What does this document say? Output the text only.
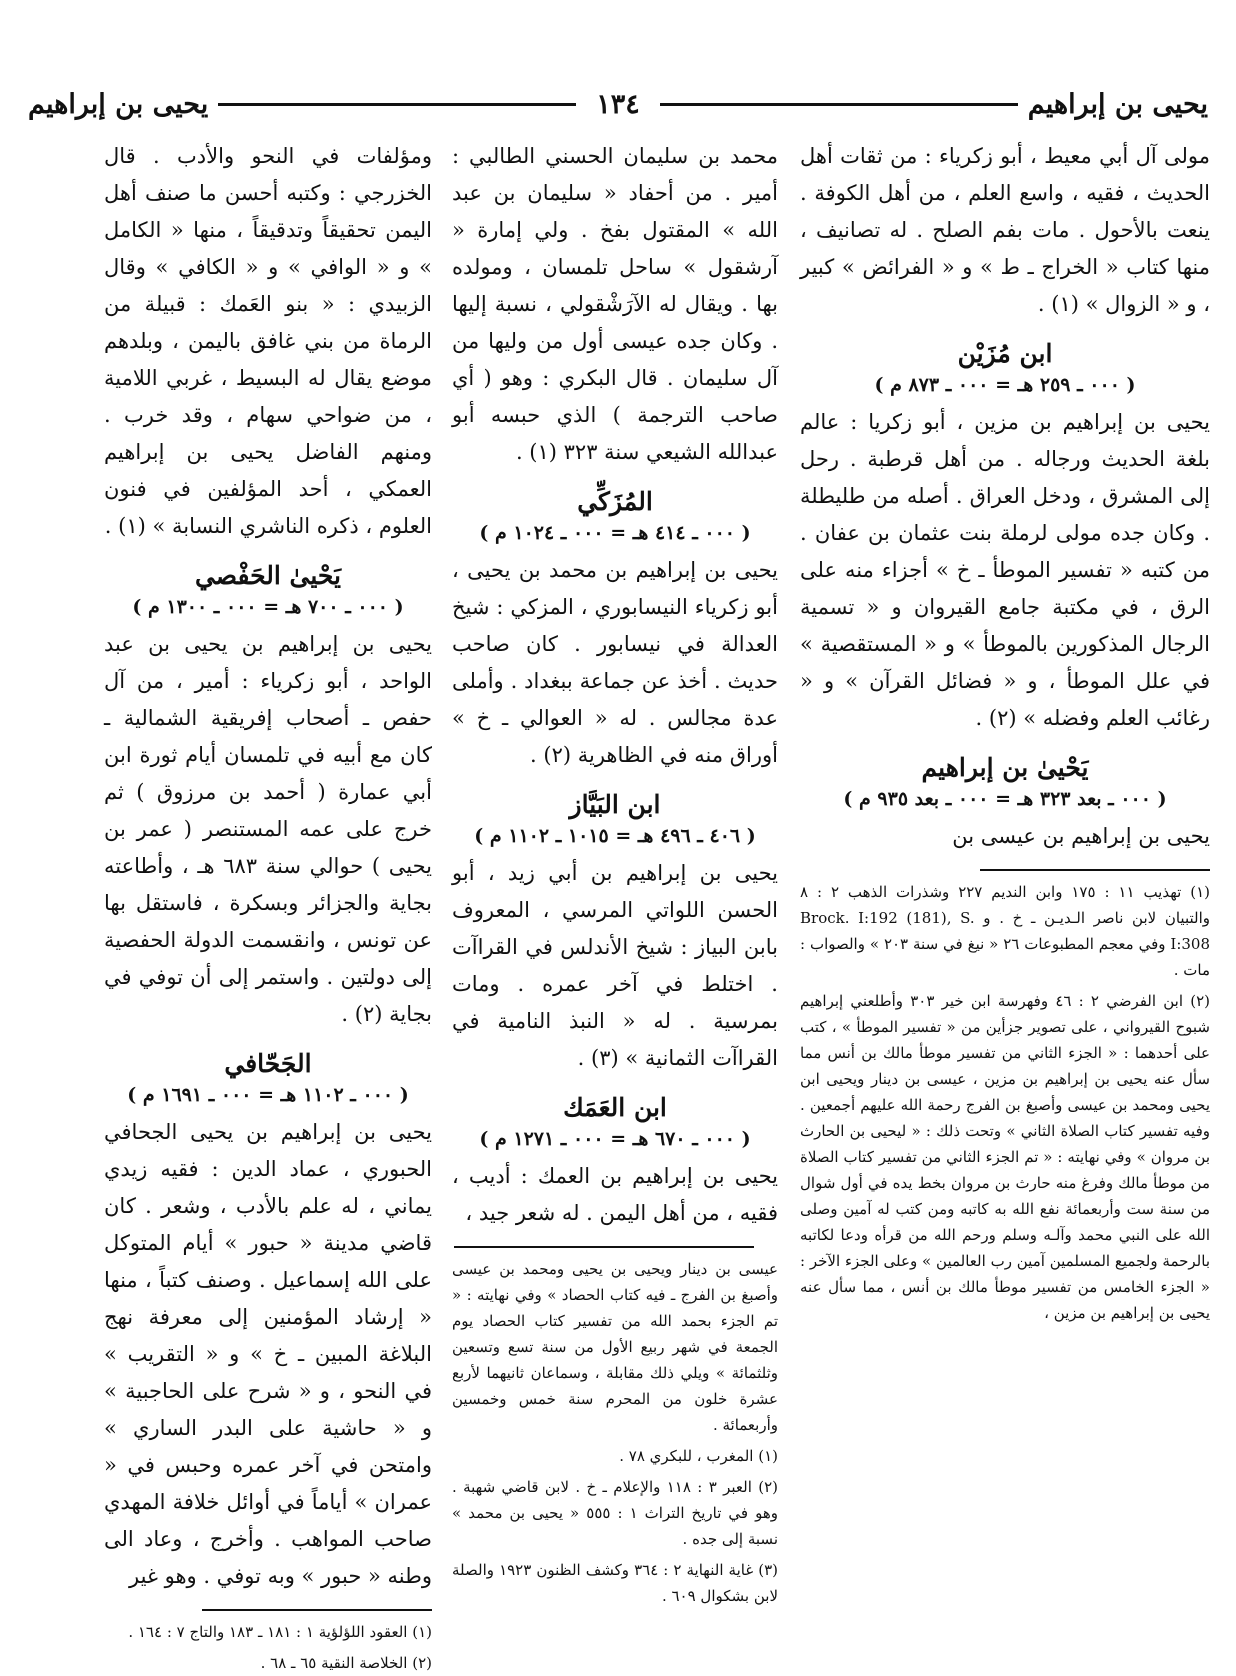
يحيى بن إبراهيم
١٣٤
يحيى بن إبراهيم

مولى آل أبي معيط ، أبو زكرياء : من ثقات أهل الحديث ، فقيه ، واسع العلم ، من أهل الكوفة . ينعت بالأحول . مات بفم الصلح . له تصانيف ، منها كتاب « الخراج ـ ط » و « الفرائض » كبير ، و « الزوال » (١) .

ابن مُزَيْن
( ٠٠٠ ـ ٢٥٩ هـ = ٠٠٠ ـ ٨٧٣ م )

يحيى بن إبراهيم بن مزين ، أبو زكريا : عالم بلغة الحديث ورجاله . من أهل قرطبة . رحل إلى المشرق ، ودخل العراق . أصله من طليطلة . وكان جده مولى لرملة بنت عثمان بن عفان . من كتبه « تفسير الموطأ ـ خ » أجزاء منه على الرق ، في مكتبة جامع القيروان و « تسمية الرجال المذكورين بالموطأ » و « المستقصية » في علل الموطأ ، و « فضائل القرآن » و « رغائب العلم وفضله » (٢) .

يَحْيىٰ بن إبراهيم
( ٠٠٠ ـ بعد ٣٢٣ هـ = ٠٠٠ ـ بعد ٩٣٥ م )

يحيى بن إبراهيم بن عيسى بن

(١) تهذيب ١١ : ١٧٥ وابن النديم ٢٢٧ وشذرات الذهب ٢ : ٨ والتبيان لابن ناصر الـديـن ـ خ . و Brock. I:192 (181), S. I:308 وفي معجم المطبوعات ٢٦ « نيغ في سنة ٢٠٣ » والصواب : مات .

(٢) ابن الفرضي ٢ : ٤٦ وفهرسة ابن خير ٣٠٣ وأطلعني إبراهيم شبوح القيرواني ، على تصوير جزأين من « تفسير الموطأ » ، كتب على أحدهما : « الجزء الثاني من تفسير موطأ مالك بن أنس مما سأل عنه يحيى بن إبراهيم بن مزين ، عيسى بن دينار ويحيى ابن يحيى ومحمد بن عيسى وأصبغ بن الفرج رحمة الله عليهم أجمعين . وفيه تفسير كتاب الصلاة الثاني » وتحت ذلك : « ليحيى بن الحارث بن مروان » وفي نهايته : « تم الجزء الثاني من تفسير كتاب الصلاة من موطأ مالك وفرغ منه حارث بن مروان بخط يده في أول شوال من سنة ست وأربعمائة نفع الله به كاتبه ومن كتب له آمين وصلى الله على النبي محمد وآلـه وسلم ورحم الله من قرأه ودعا لكاتبه بالرحمة ولجميع المسلمين آمين رب العالمين » وعلى الجزء الآخر : « الجزء الخامس من تفسير موطأ مالك بن أنس ، مما سأل عنه يحيى بن إبراهيم بن مزين ،

محمد بن سليمان الحسني الطالبي : أمير . من أحفاد « سليمان بن عبد الله » المقتول بفخ . ولي إمارة « آرشقول » ساحل تلمسان ، ومولده بها . ويقال له الآرَشْقولي ، نسبة إليها . وكان جده عيسى أول من وليها من آل سليمان . قال البكري : وهو ( أي صاحب الترجمة ) الذي حبسه أبو عبدالله الشيعي سنة ٣٢٣ (١) .

المُزَكِّي
( ٠٠٠ ـ ٤١٤ هـ = ٠٠٠ ـ ١٠٢٤ م )

يحيى بن إبراهيم بن محمد بن يحيى ، أبو زكرياء النيسابوري ، المزكي : شيخ العدالة في نيسابور . كان صاحب حديث . أخذ عن جماعة ببغداد . وأملى عدة مجالس . له « العوالي ـ خ » أوراق منه في الظاهرية (٢) .

ابن البَيَّاز
( ٤٠٦ ـ ٤٩٦ هـ = ١٠١٥ ـ ١١٠٢ م )

يحيى بن إبراهيم بن أبي زيد ، أبو الحسن اللواتي المرسي ، المعروف بابن البياز : شيخ الأندلس في القراآت . اختلط في آخر عمره . ومات بمرسية . له « النبذ النامية في القراآت الثمانية » (٣) .

ابن العَمَك
( ٠٠٠ ـ ٦٧٠ هـ = ٠٠٠ ـ ١٢٧١ م )

يحيى بن إبراهيم بن العمك : أديب ، فقيه ، من أهل اليمن . له شعر جيد ،

عيسى بن دينار ويحيى بن يحيى ومحمد بن عيسى وأصبغ بن الفرج ـ فيه كتاب الحصاد » وفي نهايته : « تم الجزء بحمد الله من تفسير كتاب الحصاد يوم الجمعة في شهر ربيع الأول من سنة تسع وتسعين وثلثمائة » ويلي ذلك مقابلة ، وسماعان ثانيهما لأربع عشرة خلون من المحرم سنة خمس وخمسين وأربعمائة .

(١) المغرب ، للبكري ٧٨ .

(٢) العبر ٣ : ١١٨ والإعلام ـ خ . لابن قاضي شهبة . وهو في تاريخ التراث ١ : ٥٥٥ « يحيى بن محمد » نسبة إلى جده .

(٣) غاية النهاية ٢ : ٣٦٤ وكشف الظنون ١٩٢٣ والصلة لابن بشكوال ٦٠٩ .

ومؤلفات في النحو والأدب . قال الخزرجي : وكتبه أحسن ما صنف أهل اليمن تحقيقاً وتدقيقاً ، منها « الكامل » و « الوافي » و « الكافي » وقال الزبيدي : « بنو العَمك : قبيلة من الرماة من بني غافق باليمن ، وبلدهم موضع يقال له البسيط ، غربي اللامية ، من ضواحي سهام ، وقد خرب . ومنهم الفاضل يحيى بن إبراهيم العمكي ، أحد المؤلفين في فنون العلوم ، ذكره الناشري النسابة » (١) .

يَحْيىٰ الحَفْصي
( ٠٠٠ ـ ٧٠٠ هـ = ٠٠٠ ـ ١٣٠٠ م )

يحيى بن إبراهيم بن يحيى بن عبد الواحد ، أبو زكرياء : أمير ، من آل حفص ـ أصحاب إفريقية الشمالية ـ كان مع أبيه في تلمسان أيام ثورة ابن أبي عمارة ( أحمد بن مرزوق ) ثم خرج على عمه المستنصر ( عمر بن يحيى ) حوالي سنة ٦٨٣ هـ ، وأطاعته بجاية والجزائر وبسكرة ، فاستقل بها عن تونس ، وانقسمت الدولة الحفصية إلى دولتين . واستمر إلى أن توفي في بجاية (٢) .

الجَحّافي
( ٠٠٠ ـ ١١٠٢ هـ = ٠٠٠ ـ ١٦٩١ م )

يحيى بن إبراهيم بن يحيى الجحافي الحبوري ، عماد الدين : فقيه زيدي يماني ، له علم بالأدب ، وشعر . كان قاضي مدينة « حبور » أيام المتوكل على الله إسماعيل . وصنف كتباً ، منها « إرشاد المؤمنين إلى معرفة نهج البلاغة المبين ـ خ » و « التقريب » في النحو ، و « شرح على الحاجبية » و « حاشية على البدر الساري » وامتحن في آخر عمره وحبس في « عمران » أياماً في أوائل خلافة المهدي صاحب المواهب . وأخرج ، وعاد الى وطنه « حبور » وبه توفي . وهو غير

(١) العقود اللؤلؤية ١ : ١٨١ ـ ١٨٣ والتاج ٧ : ١٦٤ .

(٢) الخلاصة النقية ٦٥ ـ ٦٨ .
